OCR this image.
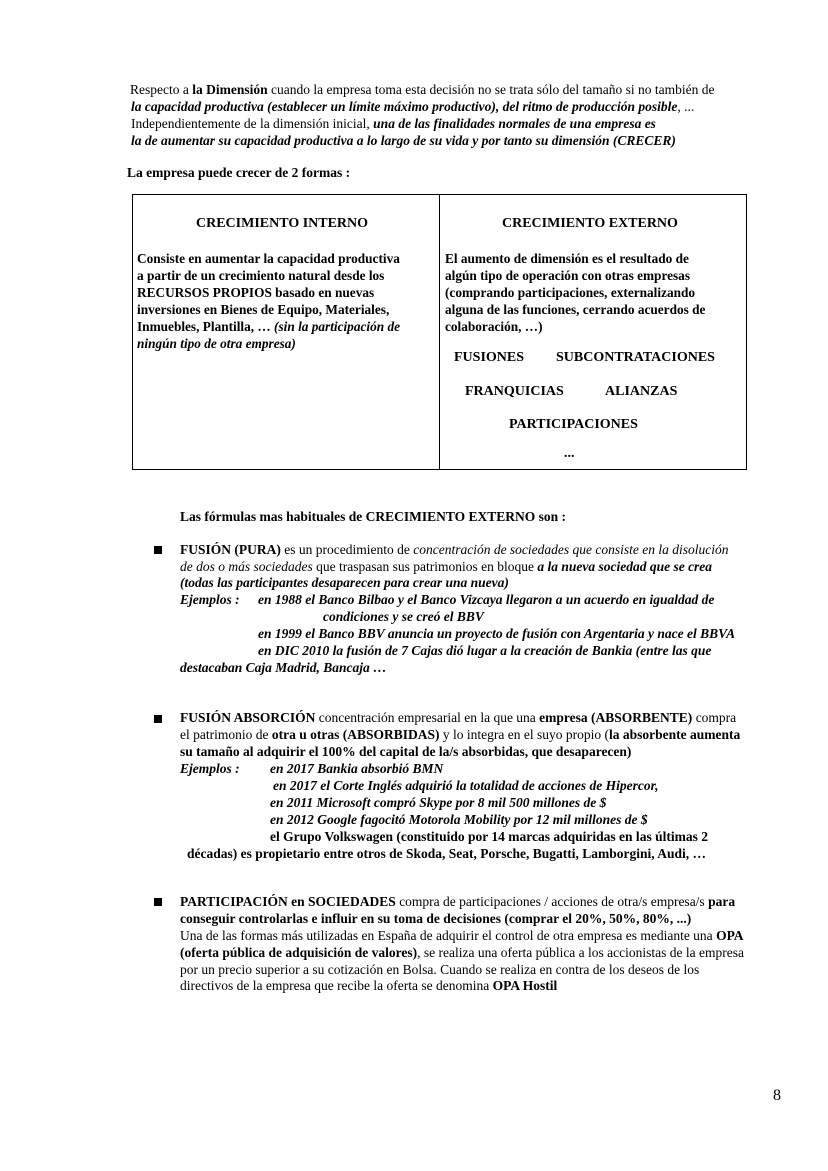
Respecto a la Dimensión cuando la empresa toma esta decisión no se trata sólo del tamaño si no también de
la capacidad productiva (establecer un límite máximo productivo), del ritmo de producción posible, ...
Independientemente de la dimensión inicial, una de las finalidades normales de una empresa es
la de aumentar su capacidad productiva a lo largo de su vida y por tanto su dimensión (CRECER)
La empresa puede crecer de 2 formas :
CRECIMIENTO INTERNO
Consiste en aumentar la capacidad productiva
a partir de un crecimiento natural desde los
RECURSOS PROPIOS basado en nuevas
inversiones en Bienes de Equipo, Materiales,
Inmuebles, Plantilla, … (sin la participación de
ningún tipo de otra empresa)
CRECIMIENTO EXTERNO
El aumento de dimensión es el resultado de
algún tipo de operación con otras empresas
(comprando participaciones, externalizando
alguna de las funciones, cerrando acuerdos de
colaboración, …)
FUSIONES SUBCONTRATACIONES
FRANQUICIAS	ALIANZAS
PARTICIPACIONES
...
Las fórmulas mas habituales de CRECIMIENTO EXTERNO son :
FUSIÓN (PURA) es un procedimiento de concentración de sociedades que consiste en la disolución
de dos o más sociedades que traspasan sus patrimonios en bloque a la nueva sociedad que se crea
(todas las participantes desaparecen para crear una nueva)
Ejemplos : en 1988 el Banco Bilbao y el Banco Vizcaya llegaron a un acuerdo en igualdad de
condiciones y se creó el BBV
en 1999 el Banco BBV anuncia un proyecto de fusión con Argentaria y nace el BBVA
en DIC 2010 la fusión de 7 Cajas dió lugar a la creación de Bankia (entre las que
destacaban Caja Madrid, Bancaja …
FUSIÓN ABSORCIÓN concentración empresarial en la que una empresa (ABSORBENTE) compra
el patrimonio de otra u otras (ABSORBIDAS) y lo integra en el suyo propio (la absorbente aumenta
su tamaño al adquirir el 100% del capital de la/s absorbidas, que desaparecen)
Ejemplos : en 2017 Bankia absorbió BMN
en 2017 el Corte Inglés adquirió la totalidad de acciones de Hipercor,
en 2011 Microsoft compró Skype por 8 mil 500 millones de $
en 2012 Google fagocitó Motorola Mobility por 12 mil millones de $
el Grupo Volkswagen (constituido por 14 marcas adquiridas en las últimas 2
décadas) es propietario entre otros de Skoda, Seat, Porsche, Bugatti, Lamborgini, Audi, …
PARTICIPACIÓN en SOCIEDADES compra de participaciones / acciones de otra/s empresa/s para
conseguir controlarlas e influir en su toma de decisiones (comprar el 20%, 50%, 80%, ...)
Una de las formas más utilizadas en España de adquirir el control de otra empresa es mediante una OPA
(oferta pública de adquisición de valores), se realiza una oferta pública a los accionistas de la empresa
por un precio superior a su cotización en Bolsa. Cuando se realiza en contra de los deseos de los
directivos de la empresa que recibe la oferta se denomina OPA Hostil
8
